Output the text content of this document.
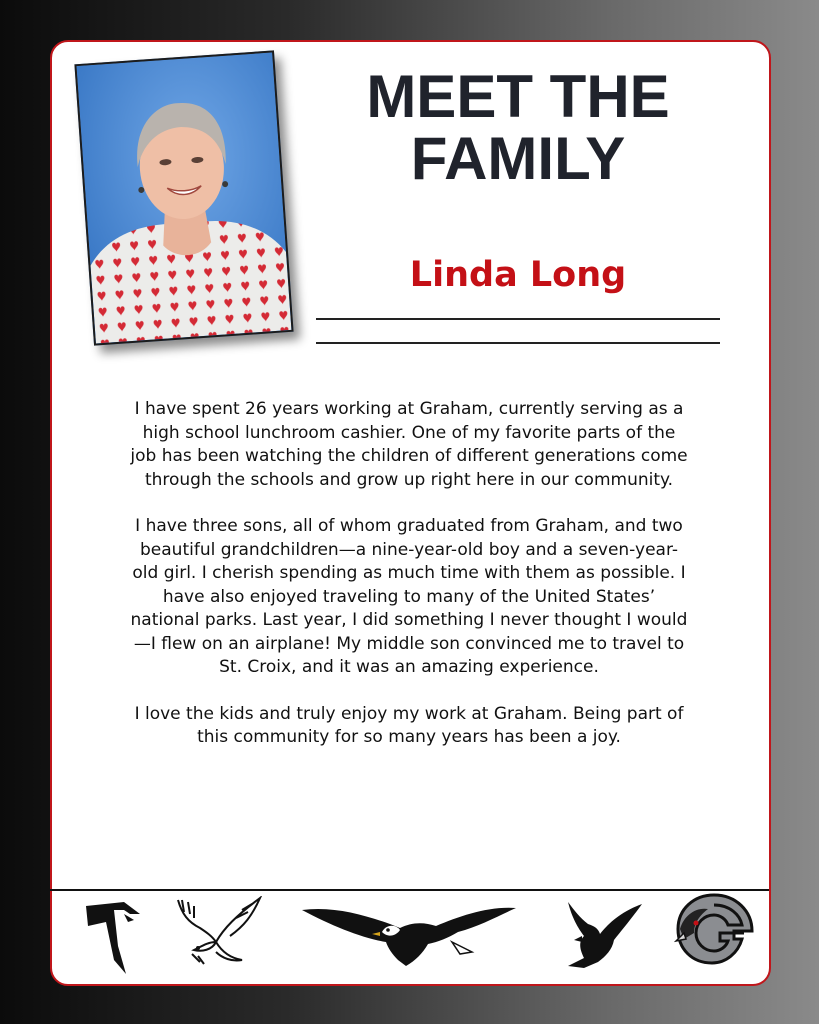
MEET THE FAMILY
Linda Long

I have spent 26 years working at Graham, currently serving as a high school lunchroom cashier. One of my favorite parts of the job has been watching the children of different generations come through the schools and grow up right here in our community.

I have three sons, all of whom graduated from Graham, and two beautiful grandchildren—a nine-year-old boy and a seven-year-old girl. I cherish spending as much time with them as possible. I have also enjoyed traveling to many of the United States’ national parks. Last year, I did something I never thought I would—I flew on an airplane! My middle son convinced me to travel to St. Croix, and it was an amazing experience.

I love the kids and truly enjoy my work at Graham. Being part of this community for so many years has been a joy.
